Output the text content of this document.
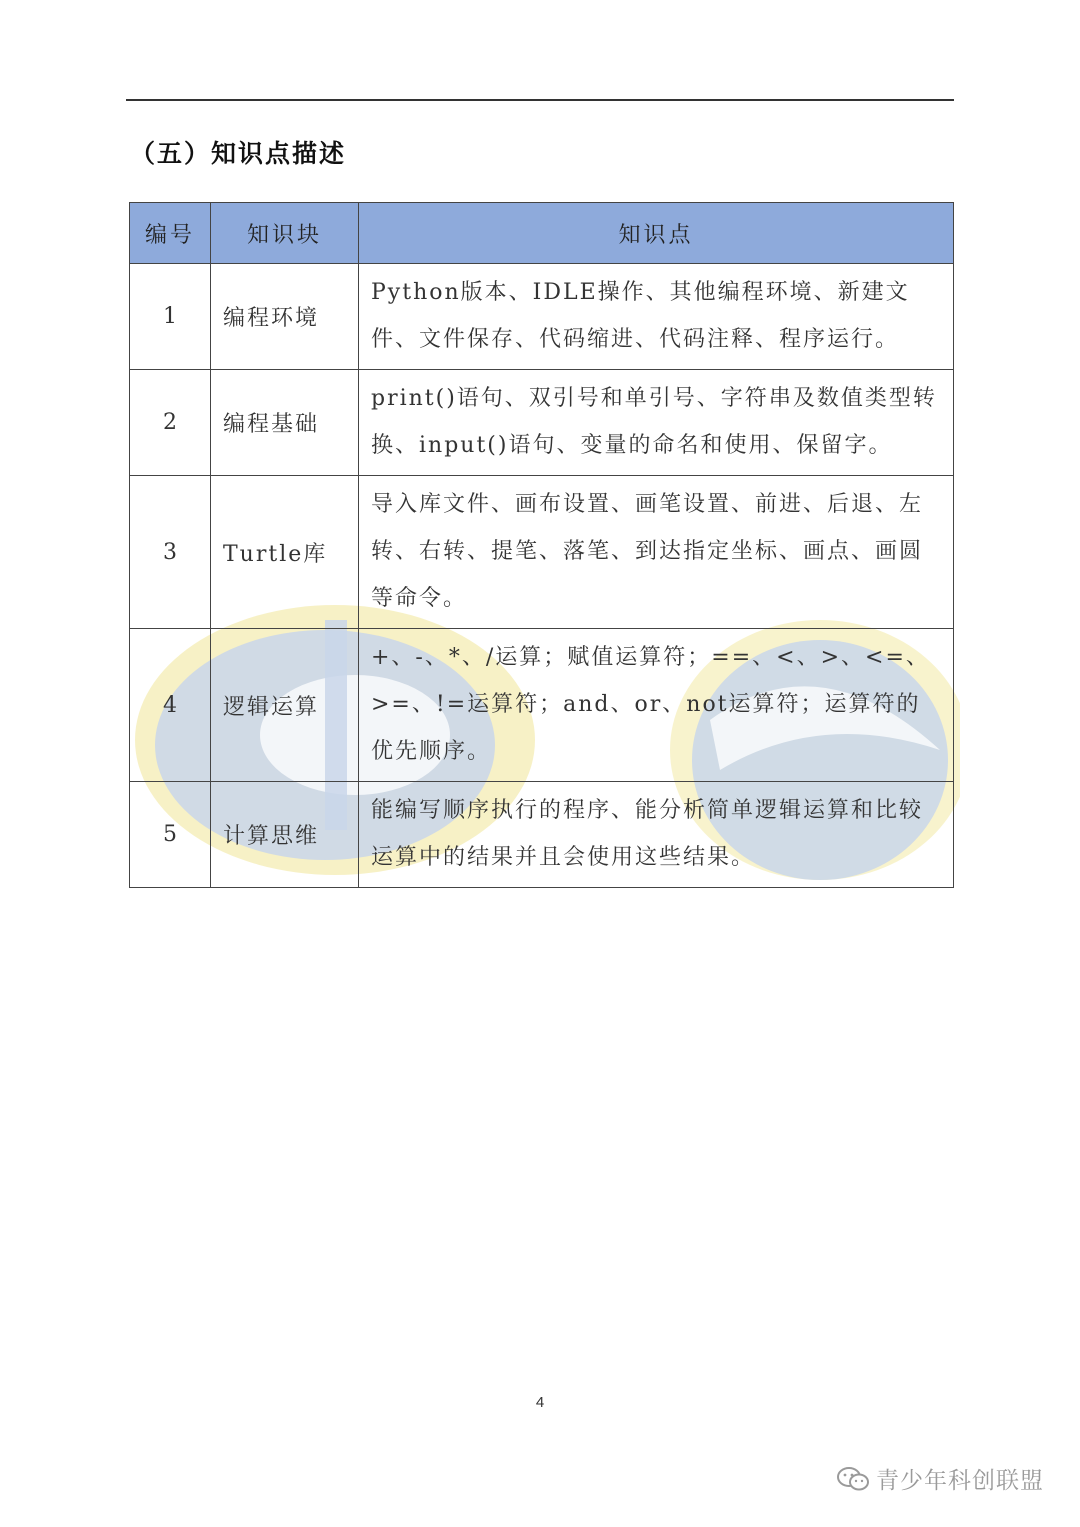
（五）知识点描述
编号	知识块	知识点
1	编程环境	Python版本、IDLE操作、其他编程环境、新建文件、文件保存、代码缩进、代码注释、程序运行。
2	编程基础	print()语句、双引号和单引号、字符串及数值类型转换、input()语句、变量的命名和使用、保留字。
3	Turtle库	导入库文件、画布设置、画笔设置、前进、后退、左转、右转、提笔、落笔、到达指定坐标、画点、画圆等命令。
4	逻辑运算	+、-、*、/运算；赋值运算符；==、<、>、<=、>=、!=运算符；and、or、not运算符；运算符的优先顺序。
5	计算思维	能编写顺序执行的程序、能分析简单逻辑运算和比较运算中的结果并且会使用这些结果。
4
青少年科创联盟
